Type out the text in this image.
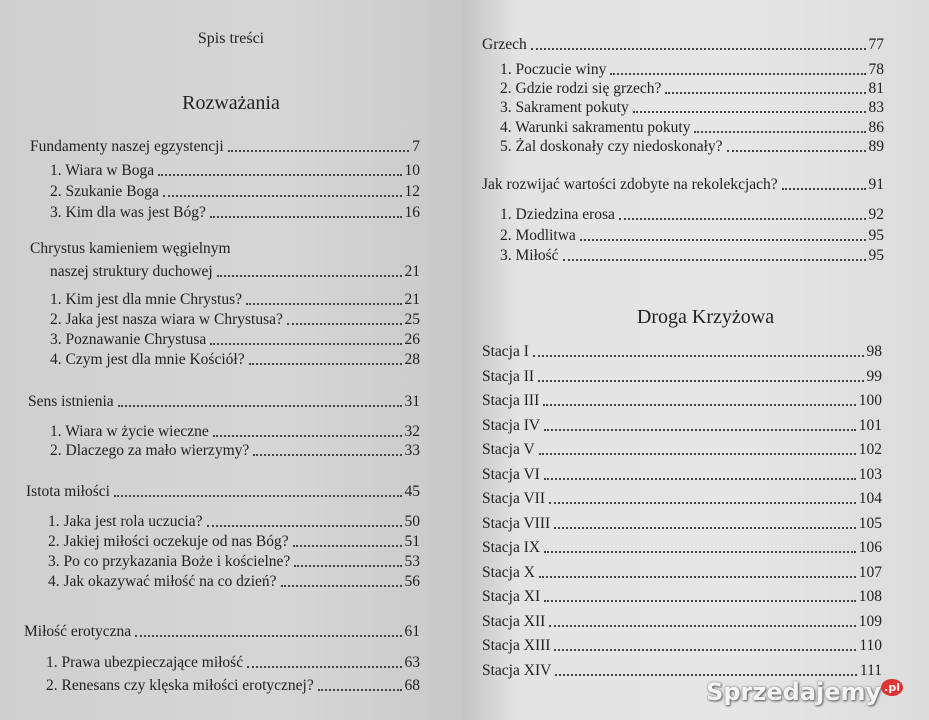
Spis treści
Rozważania
Fundamenty naszej egzystencji	7
1. Wiara w Boga	10
2. Szukanie Boga	12
3. Kim dla was jest Bóg?	16
Chrystus kamieniem węgielnym
naszej struktury duchowej	21
1. Kim jest dla mnie Chrystus?	21
2. Jaka jest nasza wiara w Chrystusa?	25
3. Poznawanie Chrystusa	26
4. Czym jest dla mnie Kościół?	28
Sens istnienia	31
1. Wiara w życie wieczne	32
2. Dlaczego za mało wierzymy?	33
Istota miłości	45
1. Jaka jest rola uczucia?	50
2. Jakiej miłości oczekuje od nas Bóg?	51
3. Po co przykazania Boże i kościelne?	53
4. Jak okazywać miłość na co dzień?	56
Miłość erotyczna	61
1. Prawa ubezpieczające miłość	63
2. Renesans czy klęska miłości erotycznej?	68
Droga Krzyżowa
Grzech	77
1. Poczucie winy	78
2. Gdzie rodzi się grzech?	81
3. Sakrament pokuty	83
4. Warunki sakramentu pokuty	86
5. Żal doskonały czy niedoskonały?	89
Jak rozwijać wartości zdobyte na rekolekcjach?	91
1. Dziedzina erosa	92
2. Modlitwa	95
3. Miłość	95
Stacja I	98
Stacja II	99
Stacja III	100
Stacja IV	101
Stacja V	102
Stacja VI	103
Stacja VII	104
Stacja VIII	105
Stacja IX	106
Stacja X	107
Stacja XI	108
Stacja XII	109
Stacja XIII	110
Stacja XIV	111
Sprzedajemy $^{.pl}$
